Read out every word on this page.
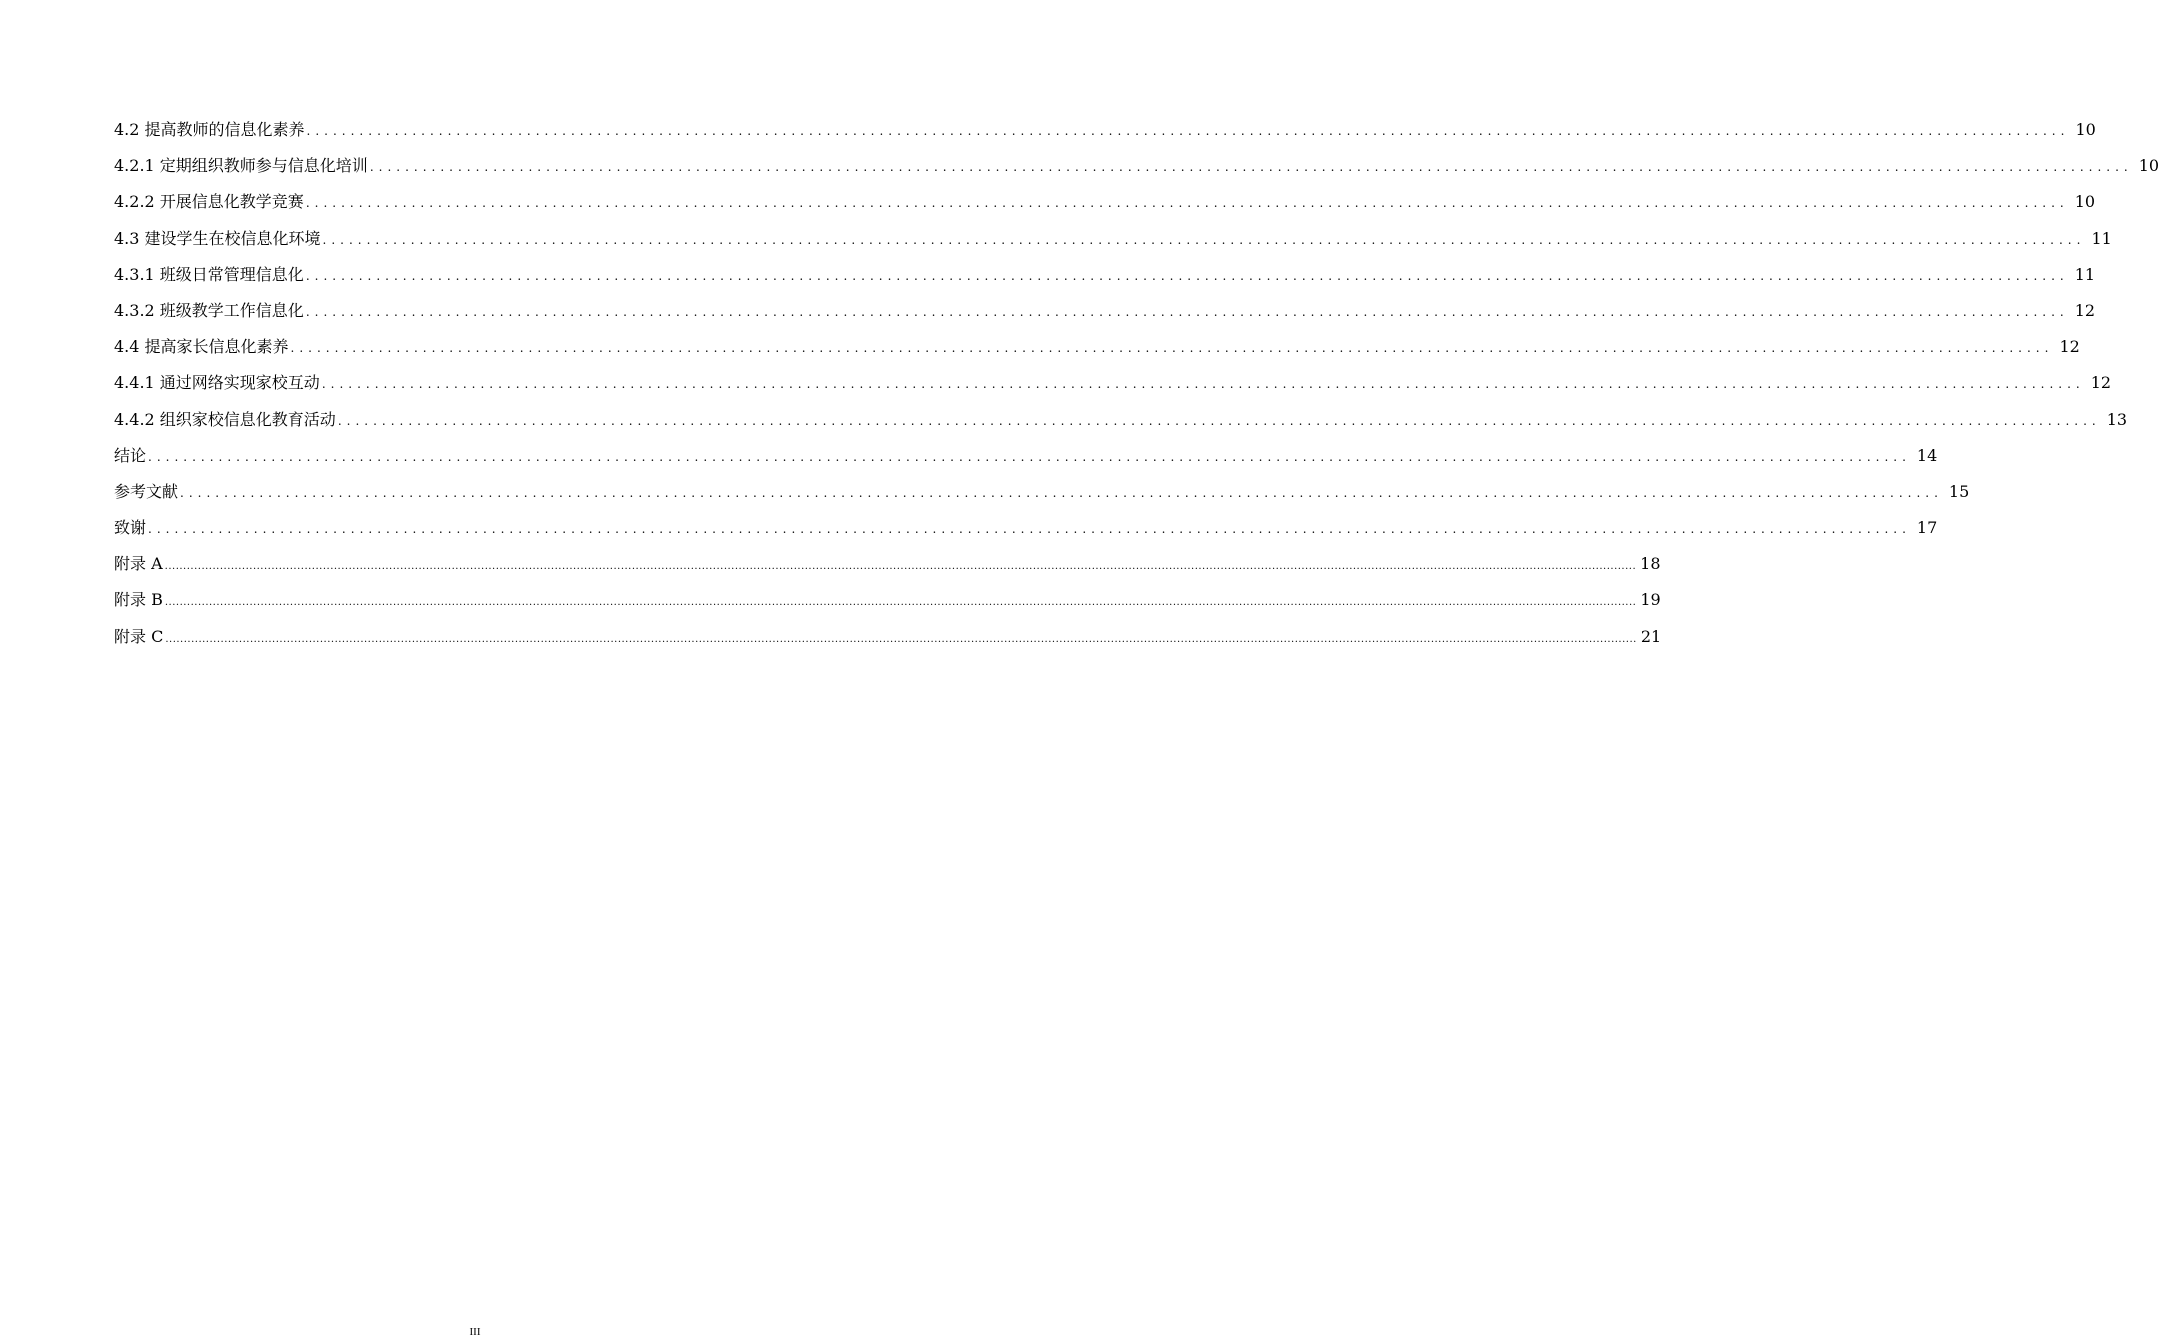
4.2 提高教师的信息化素养 ........................................................................................................................................................................................................ 10
4.2.1 定期组织教师参与信息化培训 ........................................................................................................................................................................................................ 10
4.2.2 开展信息化教学竞赛 ........................................................................................................................................................................................................ 10
4.3 建设学生在校信息化环境 ........................................................................................................................................................................................................ 11
4.3.1 班级日常管理信息化 ........................................................................................................................................................................................................ 11
4.3.2 班级教学工作信息化 ........................................................................................................................................................................................................ 12
4.4 提高家长信息化素养 ........................................................................................................................................................................................................ 12
4.4.1 通过网络实现家校互动 ........................................................................................................................................................................................................ 12
4.4.2 组织家校信息化教育活动 ........................................................................................................................................................................................................ 13
结论 ........................................................................................................................................................................................................ 14
参考文献 ........................................................................................................................................................................................................ 15
致谢 ........................................................................................................................................................................................................ 17
附录 A ................................................................................................................................................................................................................................................................................................................................................................................................................ 18
附录 B ................................................................................................................................................................................................................................................................................................................................................................................................................ 19
附录 C ................................................................................................................................................................................................................................................................................................................................................................................................................ 21
III
